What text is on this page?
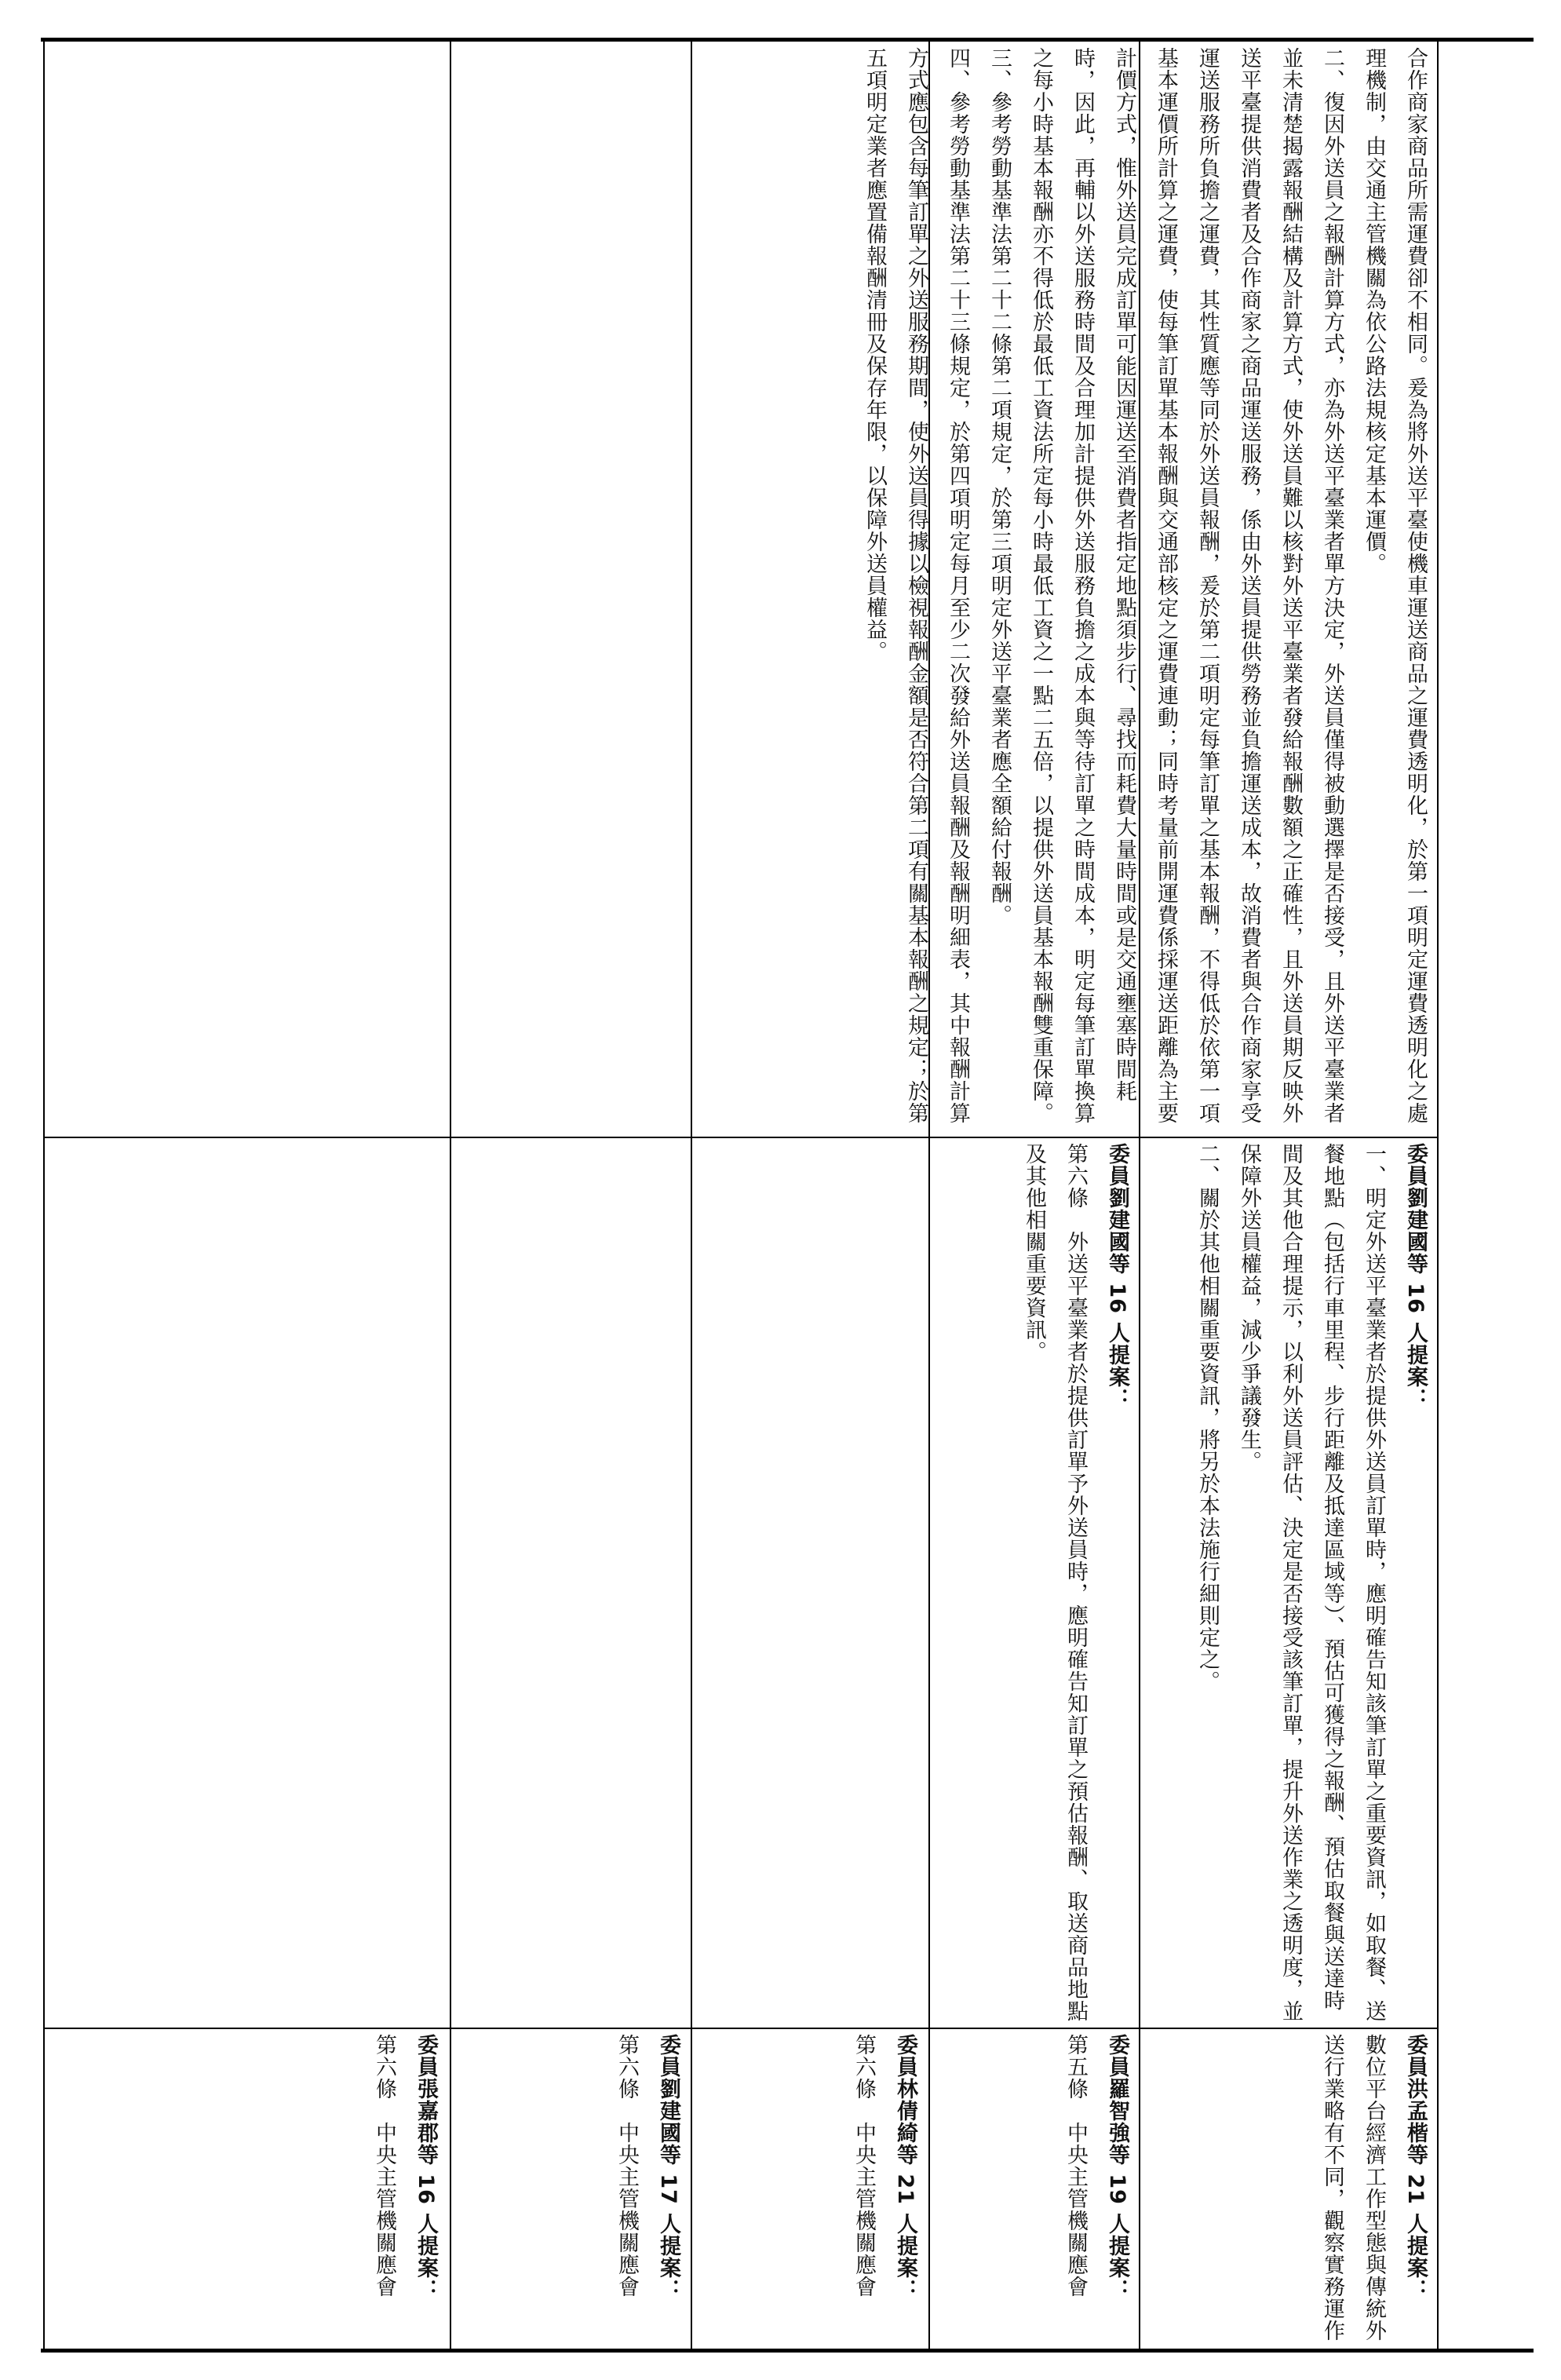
合作商家商品所需運費卻不相同。爰為將外送平臺使機車運送商品之運費透明化，於第一項明定運費透明化之處理機制，由交通主管機關為依公路法規核定基本運價。
二、復因外送員之報酬計算方式，亦為外送平臺業者單方決定，外送員僅得被動選擇是否接受，且外送平臺業者並未清楚揭露報酬結構及計算方式，使外送員難以核對外送平臺業者發給報酬數額之正確性，且外送員期反映外送平臺提供消費者及合作商家之商品運送服務，係由外送員提供勞務並負擔運送成本，故消費者與合作商家享受運送服務所負擔之運費，其性質應等同於外送員報酬，爰於第二項明定每筆訂單之基本報酬，不得低於依第一項基本運價所計算之運費，使每筆訂單基本報酬與交通部核定之運費連動；同時考量前開運費係採運送距離為主要計價方式，惟外送員完成訂單可能因運送至消費者指定地點須步行、尋找而耗費大量時間或是交通壅塞時間耗時，因此，再輔以外送服務時間及合理加計提供外送服務負擔之成本與等待訂單之時間成本，明定每筆訂單換算之每小時基本報酬亦不得低於最低工資法所定每小時最低工資之一點二五倍，以提供外送員基本報酬雙重保障。
三、參考勞動基準法第二十二條第二項規定，於第三項明定外送平臺業者應全額給付報酬。
四、參考勞動基準法第二十三條規定，於第四項明定每月至少二次發給外送員報酬及報酬明細表，其中報酬計算方式應包含每筆訂單之外送服務期間，使外送員得據以檢視報酬金額是否符合第二項有關基本報酬之規定；於第五項明定業者應置備報酬清冊及保存年限，以保障外送員權益。
委員劉建國等 16 人提案：
一、明定外送平臺業者於提供外送員訂單時，應明確告知該筆訂單之重要資訊，如取餐、送餐地點（包括行車里程、步行距離及抵達區域等）、預估可獲得之報酬、預估取餐與送達時間及其他合理提示，以利外送員評估、決定是否接受該筆訂單，提升外送作業之透明度，並保障外送員權益，減少爭議發生。
二、關於其他相關重要資訊，將另於本法施行細則定之。
委員洪孟楷等 21 人提案：
數位平台經濟工作型態與傳統外送行業略有不同，觀察實務運作
委員劉建國等 16 人提案：
第六條　外送平臺業者於提供訂單予外送員時，應明確告知訂單之預估報酬、取送商品地點及其他相關重要資訊。
委員羅智強等 19 人提案：
第五條　中央主管機關應會
委員林倩綺等 21 人提案：
第六條　中央主管機關應會
委員劉建國等 17 人提案：
第六條　中央主管機關應會
委員張嘉郡等 16 人提案：
第六條　中央主管機關應會
